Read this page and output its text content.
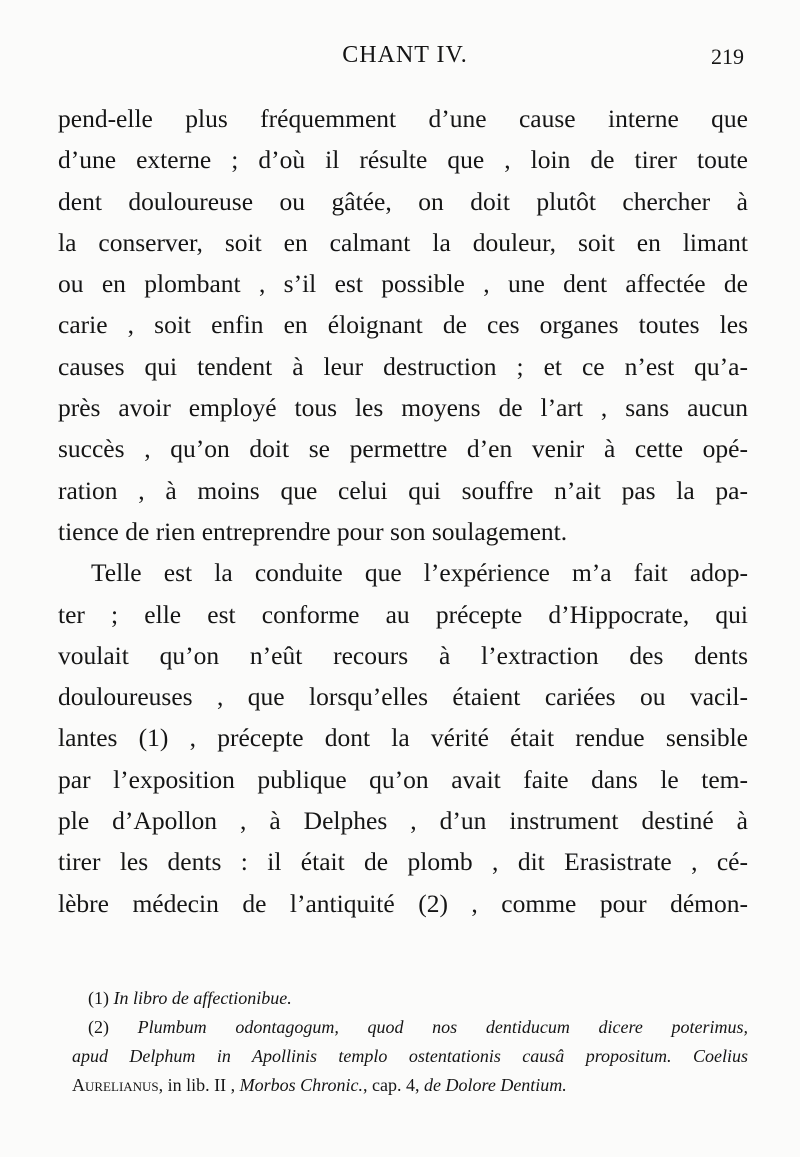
CHANT IV.	219
pend-elle plus fréquemment d’une cause interne que
d’une externe ; d’où il résulte que , loin de tirer toute
dent douloureuse ou gâtée, on doit plutôt chercher à
la conserver, soit en calmant la douleur, soit en limant
ou en plombant , s’il est possible , une dent affectée de
carie , soit enfin en éloignant de ces organes toutes les
causes qui tendent à leur destruction ; et ce n’est qu’a-
près avoir employé tous les moyens de l’art , sans aucun
succès , qu’on doit se permettre d’en venir à cette opé-
ration , à moins que celui qui souffre n’ait pas la pa-
tience de rien entreprendre pour son soulagement.
Telle est la conduite que l’expérience m’a fait adop-
ter ; elle est conforme au précepte d’Hippocrate, qui
voulait qu’on n’eût recours à l’extraction des dents
douloureuses , que lorsqu’elles étaient cariées ou vacil-
lantes (1) , précepte dont la vérité était rendue sensible
par l’exposition publique qu’on avait faite dans le tem-
ple d’Apollon , à Delphes , d’un instrument destiné à
tirer les dents : il était de plomb , dit Erasistrate , cé-
lèbre médecin de l’antiquité (2) , comme pour démon-
(1) In libro de affectionibue.
(2) Plumbum odontagogum, quod nos dentiducum dicere poterimus,
apud Delphum in Apollinis templo ostentationis causâ propositum. Coelius
Aurelianus, in lib. II , Morbos Chronic., cap. 4, de Dolore Dentium.
